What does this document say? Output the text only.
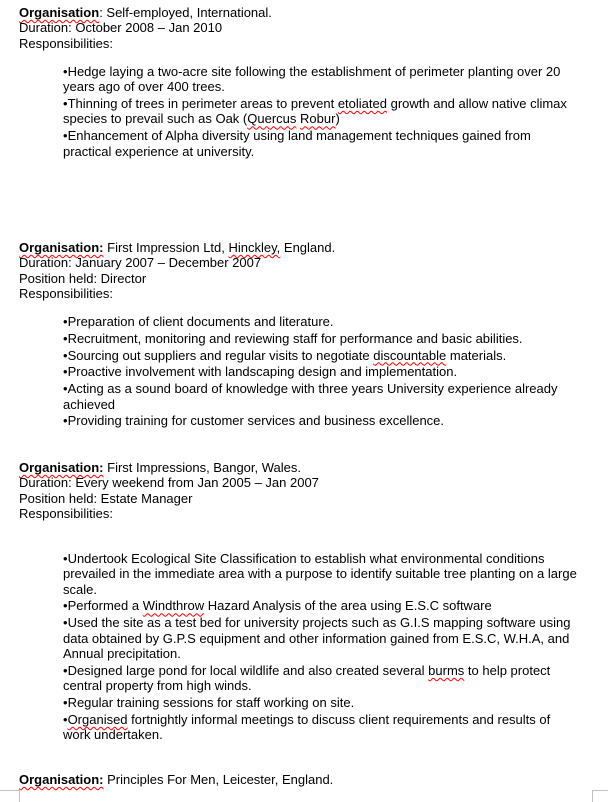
Organisation: Self-employed, International.

Duration: October 2008 – Jan 2010

Responsibilities:

•Hedge laying a two-acre site following the establishment of perimeter planting over 20 years ago of over 400 trees.

•Thinning of trees in perimeter areas to prevent etoliated growth and allow native climax species to prevail such as Oak (Quercus Robur)

•Enhancement of Alpha diversity using land management techniques gained from practical experience at university.

Organisation: First Impression Ltd, Hinckley, England.

Duration: January 2007 – December 2007

Position held: Director

Responsibilities:

•Preparation of client documents and literature.

•Recruitment, monitoring and reviewing staff for performance and basic abilities.

•Sourcing out suppliers and regular visits to negotiate discountable materials.

•Proactive involvement with landscaping design and implementation.

•Acting as a sound board of knowledge with three years University experience already achieved

•Providing training for customer services and business excellence.

Organisation: First Impressions, Bangor, Wales.

Duration: Every weekend from Jan 2005 – Jan 2007

Position held: Estate Manager

Responsibilities:

•Undertook Ecological Site Classification to establish what environmental conditions prevailed in the immediate area with a purpose to identify suitable tree planting on a large scale.

•Performed a Windthrow Hazard Analysis of the area using E.S.C software

•Used the site as a test bed for university projects such as G.I.S mapping software using data obtained by G.P.S equipment and other information gained from E.S.C, W.H.A, and Annual precipitation.

•Designed large pond for local wildlife and also created several burms to help protect central property from high winds.

•Regular training sessions for staff working on site.

•Organised fortnightly informal meetings to discuss client requirements and results of work undertaken.

Organisation: Principles For Men, Leicester, England.
